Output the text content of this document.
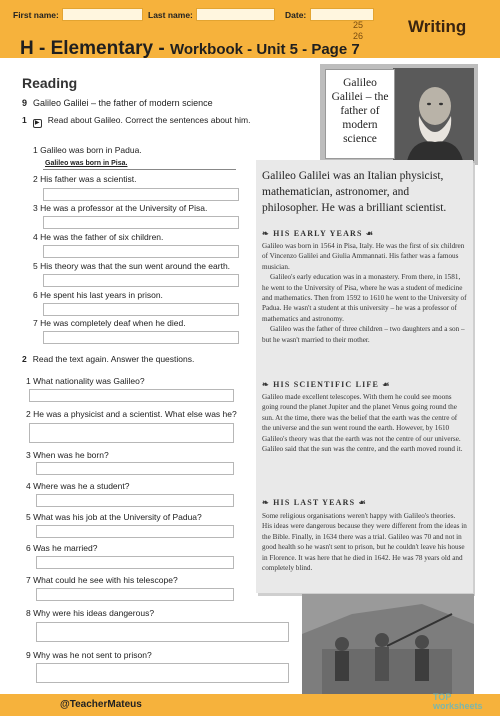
First name:	Last name:	Date:
25
26	Writing
H - Elementary - Workbook - Unit 5 - Page 7
Reading
9 Galileo Galilei – the father of modern science
1 ▶ Read about Galileo. Correct the sentences about him.
1 Galileo was born in Padua.
Galileo was born in Pisa.
2 His father was a scientist.
3 He was a professor at the University of Pisa.
4 He was the father of six children.
5 His theory was that the sun went around the earth.
6 He spent his last years in prison.
7 He was completely deaf when he died.
2 Read the text again. Answer the questions.
1 What nationality was Galileo?
2 He was a physicist and a scientist. What else was he?
3 When was he born?
4 Where was he a student?
5 What was his job at the University of Padua?
6 Was he married?
7 What could he see with his telescope?
8 Why were his ideas dangerous?
9 Why was he not sent to prison?
Galileo Galilei – the father of modern science
Galileo Galilei was an Italian physicist, mathematician, astronomer, and philosopher. He was a brilliant scientist.
❧ HIS EARLY YEARS ☙

Galileo was born in 1564 in Pisa, Italy. He was the first of six children of Vincenzo Galilei and Giulia Ammannati. His father was a famous musician.

Galileo's early education was in a monastery. From there, in 1581, he went to the University of Pisa, where he was a student of medicine and mathematics. Then from 1592 to 1610 he went to the University of Padua. He wasn't a student at this university – he was a professor of mathematics and astronomy.

Galileo was the father of three children – two daughters and a son – but he wasn't married to their mother.

❧ HIS SCIENTIFIC LIFE ☙

Galileo made excellent telescopes. With them he could see moons going round the planet Jupiter and the planet Venus going round the sun. At the time, there was the belief that the earth was the centre of the universe and the sun went round the earth. However, by 1610 Galileo's theory was that the earth was not the centre of our universe. Galileo said that the sun was the centre, and the earth moved round it.

❧ HIS LAST YEARS ☙

Some religious organisations weren't happy with Galileo's theories. His ideas were dangerous because they were different from the ideas in the Bible. Finally, in 1634 there was a trial. Galileo was 70 and not in good health so he wasn't sent to prison, but he couldn't leave his house in Florence. It was here that he died in 1642. He was 78 years old and completely blind.

@TeacherMateus
TOP worksheets
